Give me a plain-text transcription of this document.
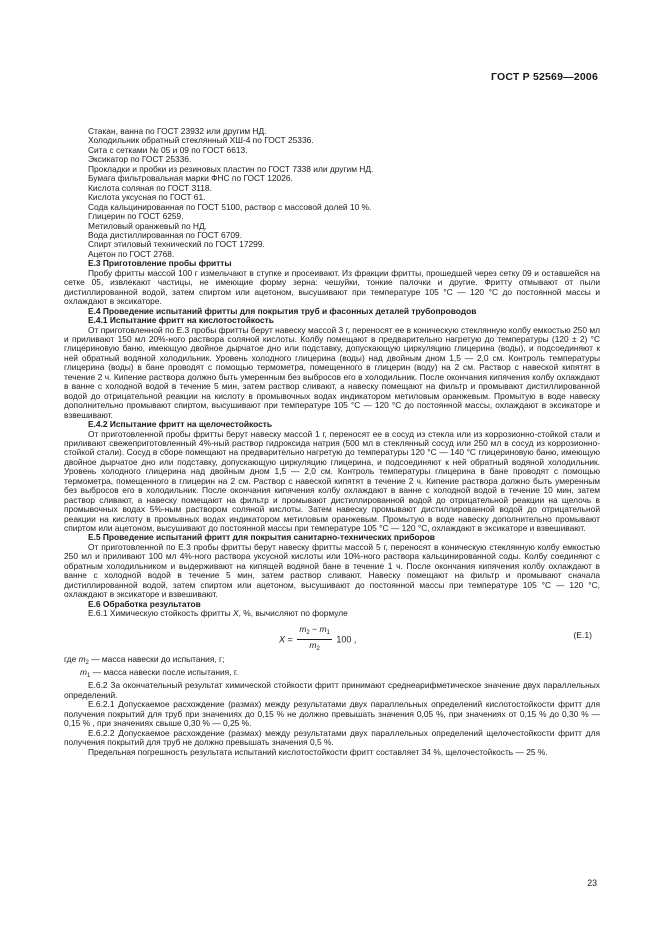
ГОСТ Р 52569—2006

Стакан, ванна по ГОСТ 23932 или другим НД.

Холодильник обратный стеклянный ХШ-4 по ГОСТ 25336.

Сита с сетками № 05 и 09 по ГОСТ 6613.

Эксикатор по ГОСТ 25336.

Прокладки и пробки из резиновых пластин по ГОСТ 7338 или другим НД.

Бумага фильтровальная марки ФНС по ГОСТ 12026.

Кислота соляная по ГОСТ 3118.

Кислота уксусная по ГОСТ 61.

Сода кальцинированная по ГОСТ 5100, раствор с массовой долей 10 %.

Глицерин по ГОСТ 6259.

Метиловый оранжевый по НД.

Вода дистиллированная по ГОСТ 6709.

Спирт этиловый технический по ГОСТ 17299.

Ацетон по ГОСТ 2768.

Е.3 Приготовление пробы фритты

Пробу фритты массой 100 г измельчают в ступке и просеивают. Из фракции фритты, прошедшей через сетку 09 и оставшейся на сетке 05, извлекают частицы, не имеющие форму зерна: чешуйки, тонкие палочки и другие. Фритту отмывают от пыли дистиллированной водой, затем спиртом или ацетоном, высушивают при температуре 105 °С — 120 °С до постоянной массы и охлаждают в эксикаторе.

Е.4 Проведение испытаний фритты для покрытия труб и фасонных деталей трубопроводов

Е.4.1 Испытание фритт на кислотостойкость

От приготовленной по Е.3 пробы фритты берут навеску массой 3 г, переносят ее в коническую стеклянную колбу емкостью 250 мл и приливают 150 мл 20%-ного раствора соляной кислоты. Колбу помещают в предварительно нагретую до температуры (120 ± 2) °С глицериновую баню, имеющую двойное дырчатое дно или подставку, допускающую циркуляцию глицерина (воды), и подсоединяют к ней обратный водяной холодильник. Уровень холодного глицерина (воды) над двойным дном 1,5 — 2,0 см. Контроль температуры глицерина (воды) в бане проводят с помощью термометра, помещенного в глицерин (воду) на 2 см. Раствор с навеской кипятят в течение 2 ч. Кипение раствора должно быть умеренным без выбросов его в холодильник. После окончания кипячения колбу охлаждают в ванне с холодной водой в течение 5 мин, затем раствор сливают, а навеску помещают на фильтр и промывают дистиллированной водой до отрицательной реакции на кислоту в промывочных водах индикатором метиловым оранжевым. Промытую в воде навеску дополнительно промывают спиртом, высушивают при температуре 105 °С — 120 °С до постоянной массы, охлаждают в эксикаторе и взвешивают.

Е.4.2 Испытание фритт на щелочестойкость

От приготовленной пробы фритты берут навеску массой 1 г, переносят ее в сосуд из стекла или из коррозионно-стойкой стали и приливают свежеприготовленный 4%-ный раствор гидроксида натрия (500 мл в стеклянный сосуд или 250 мл в сосуд из коррозионно-стойкой стали). Сосуд в сборе помещают на предварительно нагретую до температуры 120 °С — 140 °С глицериновую баню, имеющую двойное дырчатое дно или подставку, допускающую циркуляцию глицерина, и подсоединяют к ней обратный водяной холодильник. Уровень холодного глицерина над двойным дном 1,5 — 2,0 см. Контроль температуры глицерина в бане проводят с помощью термометра, помещенного в глицерин на 2 см. Раствор с навеской кипятят в течение 2 ч. Кипение раствора должно быть умеренным без выбросов его в холодильник. После окончания кипячения колбу охлаждают в ванне с холодной водой в течение 10 мин, затем раствор сливают, а навеску помещают на фильтр и промывают дистиллированной водой до отрицательной реакции на щелочь в промывочных водах 5%-ным раствором соляной кислоты. Затем навеску промывают дистиллированной водой до отрицательной реакции на кислоту в промывных водах индикатором метиловым оранжевым. Промытую в воде навеску дополнительно промывают спиртом или ацетоном, высушивают до постоянной массы при температуре 105 °С — 120 °С, охлаждают в эксикаторе и взвешивают.

Е.5 Проведение испытаний фритт для покрытия санитарно-технических приборов

От приготовленной по Е.3 пробы фритты берут навеску фритты массой 5 г, переносят в коническую стеклянную колбу емкостью 250 мл и приливают 100 мл 4%-ного раствора уксусной кислоты или 10%-ного раствора кальцинированной соды. Колбу соединяют с обратным холодильником и выдерживают на кипящей водяной бане в течение 1 ч. После окончания кипячения колбу охлаждают в ванне с холодной водой в течение 5 мин, затем раствор сливают. Навеску помещают на фильтр и промывают сначала дистиллированной водой, затем спиртом или ацетоном, высушивают до постоянной массы при температуре 105 °С — 120 °С, охлаждают в эксикаторе и взвешивают.

Е.6 Обработка результатов

Е.6.1 Химическую стойкость фритты X, %, вычисляют по формуле

$X = \frac{m_2 - m_1}{m_2} 100$ ,	(Е.1)

где $m_2$ — масса навески до испытания, г;

$m_1$ — масса навески после испытания, г.

Е.6.2 За окончательный результат химической стойкости фритт принимают среднеарифметическое значение двух параллельных определений.

Е.6.2.1 Допускаемое расхождение (размах) между результатами двух параллельных определений кислотостойкости фритт для получения покрытий для труб при значениях до 0,15 % не должно превышать значения 0,05 %, при значениях от 0,15 % до 0,30 % — 0,15 % , при значениях свыше 0,30 % — 0,25 %.

Е.6.2.2 Допускаемое расхождение (размах) между результатами двух параллельных определений щелочестойкости фритт для получения покрытий для труб не должно превышать значения 0,5 %.

Предельная погрешность результата испытаний кислотостойкости фритт составляет 34 %, щелочестойкость — 25 %.

23
